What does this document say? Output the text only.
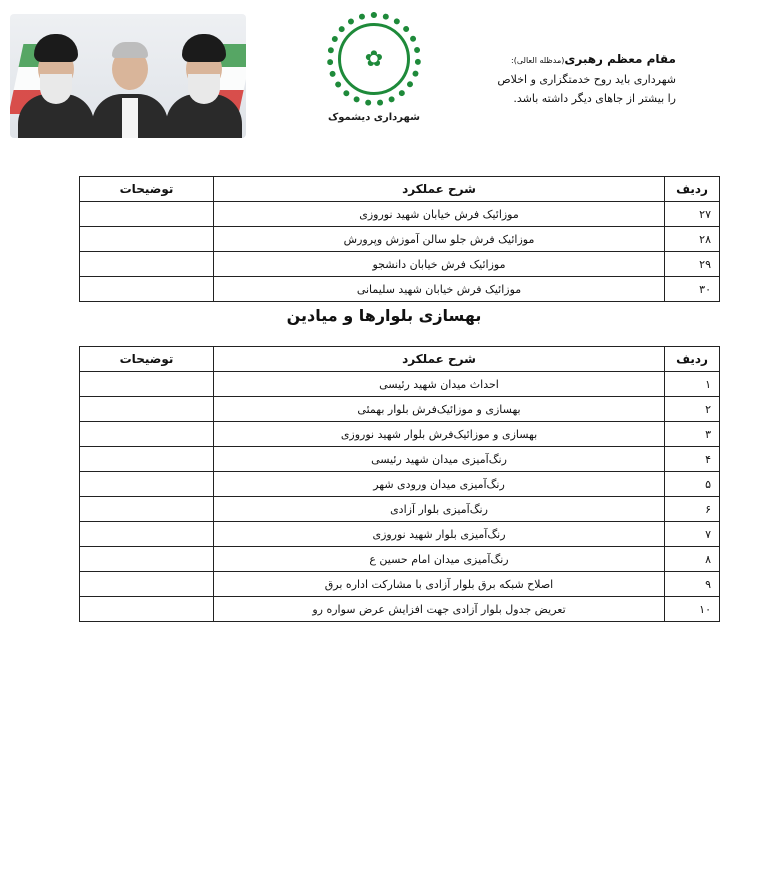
✿
شهرداری دیشموک
مقام معظم رهبری(مدظله العالی):
شهرداری باید روح خدمتگزاری و اخلاص
را بیشتر از جاهای دیگر داشته باشد.
ردیف	شرح عملکرد	توضیحات
۲۷	موزائیک فرش خیابان شهید نوروزی	
۲۸	موزائیک فرش جلو سالن آموزش وپرورش	
۲۹	موزائیک فرش خیابان دانشجو	
۳۰	موزائیک فرش خیابان شهید سلیمانی	
بهسازی بلوارها و میادین
ردیف	شرح عملکرد	توضیحات
۱	احداث میدان شهید رئیسی	
۲	بهسازی و موزائیک‌فرش بلوار بهمئی	
۳	بهسازی و موزائیک‌فرش بلوار شهید نوروزی	
۴	رنگ‌آمیزی میدان شهید رئیسی	
۵	رنگ‌آمیزی میدان ورودی شهر	
۶	رنگ‌آمیزی بلوار آزادی	
۷	رنگ‌آمیزی بلوار شهید نوروزی	
۸	رنگ‌آمیزی میدان امام حسین ع	
۹	اصلاح شبکه برق بلوار آزادی با مشارکت اداره برق	
۱۰	تعریض جدول بلوار آزادی جهت افزایش عرض سواره رو	
